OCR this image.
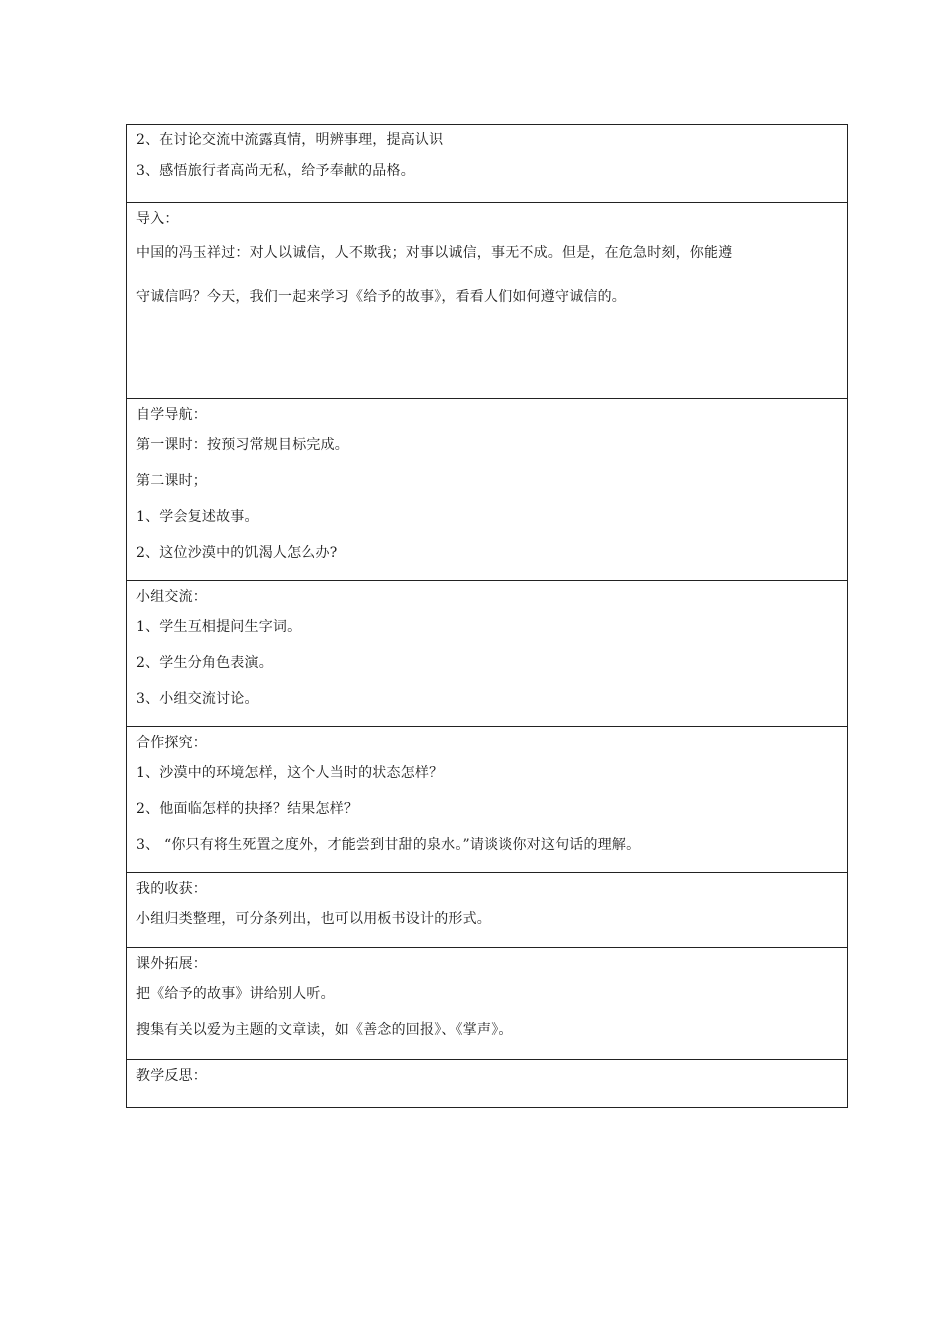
2、在讨论交流中流露真情，明辨事理，提高认识
3、感悟旅行者高尚无私，给予奉献的品格。
导入：
中国的冯玉祥过：对人以诚信，人不欺我；对事以诚信，事无不成。但是，在危急时刻，你能遵
守诚信吗？今天，我们一起来学习《给予的故事》，看看人们如何遵守诚信的。
自学导航：
第一课时：按预习常规目标完成。
第二课时；
1、学会复述故事。
2、这位沙漠中的饥渴人怎么办?
小组交流：
1、学生互相提问生字词。
2、学生分角色表演。
3、小组交流讨论。
合作探究：
1、沙漠中的环境怎样，这个人当时的状态怎样？
2、他面临怎样的抉择？结果怎样？
3、 “你只有将生死置之度外，才能尝到甘甜的泉水。”请谈谈你对这句话的理解。
我的收获：
小组归类整理，可分条列出，也可以用板书设计的形式。
课外拓展：
把《给予的故事》讲给别人听。
搜集有关以爱为主题的文章读，如《善念的回报》、《掌声》。
教学反思：
